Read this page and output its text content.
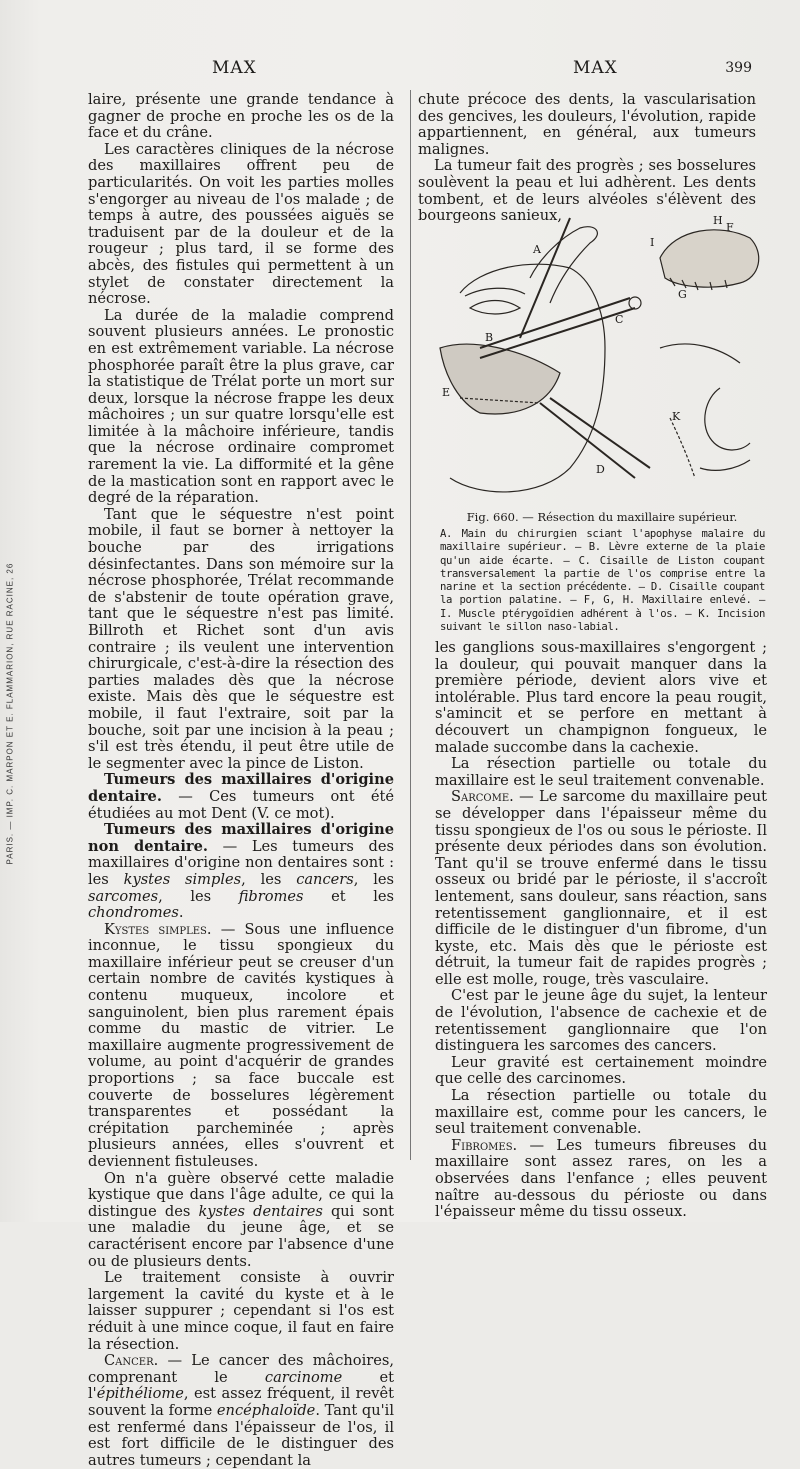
MAX	MAX	399
PARIS. — IMP. C. MARPON ET E. FLAMMARION, RUE RACINE, 26

laire, présente une grande tendance à gagner de proche en proche les os de la face et du crâne.

Les caractères cliniques de la nécrose des maxillaires offrent peu de particularités. On voit les parties molles s'engorger au niveau de l'os malade ; de temps à autre, des poussées aiguës se traduisent par de la douleur et de la rougeur ; plus tard, il se forme des abcès, des fistules qui permettent à un stylet de constater directement la nécrose.

La durée de la maladie comprend souvent plusieurs années. Le pronostic en est extrêmement variable. La nécrose phosphorée paraît être la plus grave, car la statistique de Trélat porte un mort sur deux, lorsque la nécrose frappe les deux mâchoires ; un sur quatre lorsqu'elle est limitée à la mâchoire inférieure, tandis que la nécrose ordinaire compromet rarement la vie. La difformité et la gêne de la mastication sont en rapport avec le degré de la réparation.

Tant que le séquestre n'est point mobile, il faut se borner à nettoyer la bouche par des irrigations désinfectantes. Dans son mémoire sur la nécrose phosphorée, Trélat recommande de s'abstenir de toute opération grave, tant que le séquestre n'est pas limité. Billroth et Richet sont d'un avis contraire ; ils veulent une intervention chirurgicale, c'est-à-dire la résection des parties malades dès que la nécrose existe. Mais dès que le séquestre est mobile, il faut l'extraire, soit par la bouche, soit par une incision à la peau ; s'il est très étendu, il peut être utile de le segmenter avec la pince de Liston.

Tumeurs des maxillaires d'origine dentaire. — Ces tumeurs ont été étudiées au mot Dent (V. ce mot).

Tumeurs des maxillaires d'origine non dentaire. — Les tumeurs des maxillaires d'origine non dentaires sont : les kystes simples, les cancers, les sarcomes, les fibromes et les chondromes.

Kystes simples. — Sous une influence inconnue, le tissu spongieux du maxillaire inférieur peut se creuser d'un certain nombre de cavités kystiques à contenu muqueux, incolore et sanguinolent, bien plus rarement épais comme du mastic de vitrier. Le maxillaire augmente progressivement de volume, au point d'acquérir de grandes proportions ; sa face buccale est couverte de bosselures légèrement transparentes et possédant la crépitation parcheminée ; après plusieurs années, elles s'ouvrent et deviennent fistuleuses.

On n'a guère observé cette maladie kystique que dans l'âge adulte, ce qui la distingue des kystes dentaires qui sont une maladie du jeune âge, et se caractérisent encore par l'absence d'une ou de plusieurs dents.

Le traitement consiste à ouvrir largement la cavité du kyste et à le laisser suppurer ; cependant si l'os est réduit à une mince coque, il faut en faire la résection.

Cancer. — Le cancer des mâchoires, comprenant le carcinome et l'épithéliome, est assez fréquent, il revêt souvent la forme encéphaloïde. Tant qu'il est renfermé dans l'épaisseur de l'os, il est fort difficile de le distinguer des autres tumeurs ; cependant la

chute précoce des dents, la vascularisation des gencives, les douleurs, l'évolution, rapide appartiennent, en général, aux tumeurs malignes.

La tumeur fait des progrès ; ses bosselures soulèvent la peau et lui adhèrent. Les dents tombent, et de leurs alvéoles s'élèvent des bourgeons sanieux,

A
B
C
D
E
F
G
H
I
K
Fig. 660. — Résection du maxillaire supérieur.
A. Main du chirurgien sciant l'apophyse malaire du maxillaire supérieur. — B. Lèvre externe de la plaie qu'un aide écarte. — C. Cisaille de Liston coupant transversalement la partie de l'os comprise entre la narine et la section précédente. — D. Cisaille coupant la portion palatine. — F, G, H. Maxillaire enlevé. — I. Muscle ptérygoïdien adhérent à l'os. — K. Incision suivant le sillon naso-labial.

les ganglions sous-maxillaires s'engorgent ; la douleur, qui pouvait manquer dans la première période, devient alors vive et intolérable. Plus tard encore la peau rougit, s'amincit et se perfore en mettant à découvert un champignon fongueux, le malade succombe dans la cachexie.

La résection partielle ou totale du maxillaire est le seul traitement convenable.

Sarcome. — Le sarcome du maxillaire peut se développer dans l'épaisseur même du tissu spongieux de l'os ou sous le périoste. Il présente deux périodes dans son évolution. Tant qu'il se trouve enfermé dans le tissu osseux ou bridé par le périoste, il s'accroît lentement, sans douleur, sans réaction, sans retentissement ganglionnaire, et il est difficile de le distinguer d'un fibrome, d'un kyste, etc. Mais dès que le périoste est détruit, la tumeur fait de rapides progrès ; elle est molle, rouge, très vasculaire.

C'est par le jeune âge du sujet, la lenteur de l'évolution, l'absence de cachexie et de retentissement ganglionnaire que l'on distinguera les sarcomes des cancers.

Leur gravité est certainement moindre que celle des carcinomes.

La résection partielle ou totale du maxillaire est, comme pour les cancers, le seul traitement convenable.

Fibromes. — Les tumeurs fibreuses du maxillaire sont assez rares, on les a observées dans l'enfance ; elles peuvent naître au-dessous du périoste ou dans l'épaisseur même du tissu osseux.
